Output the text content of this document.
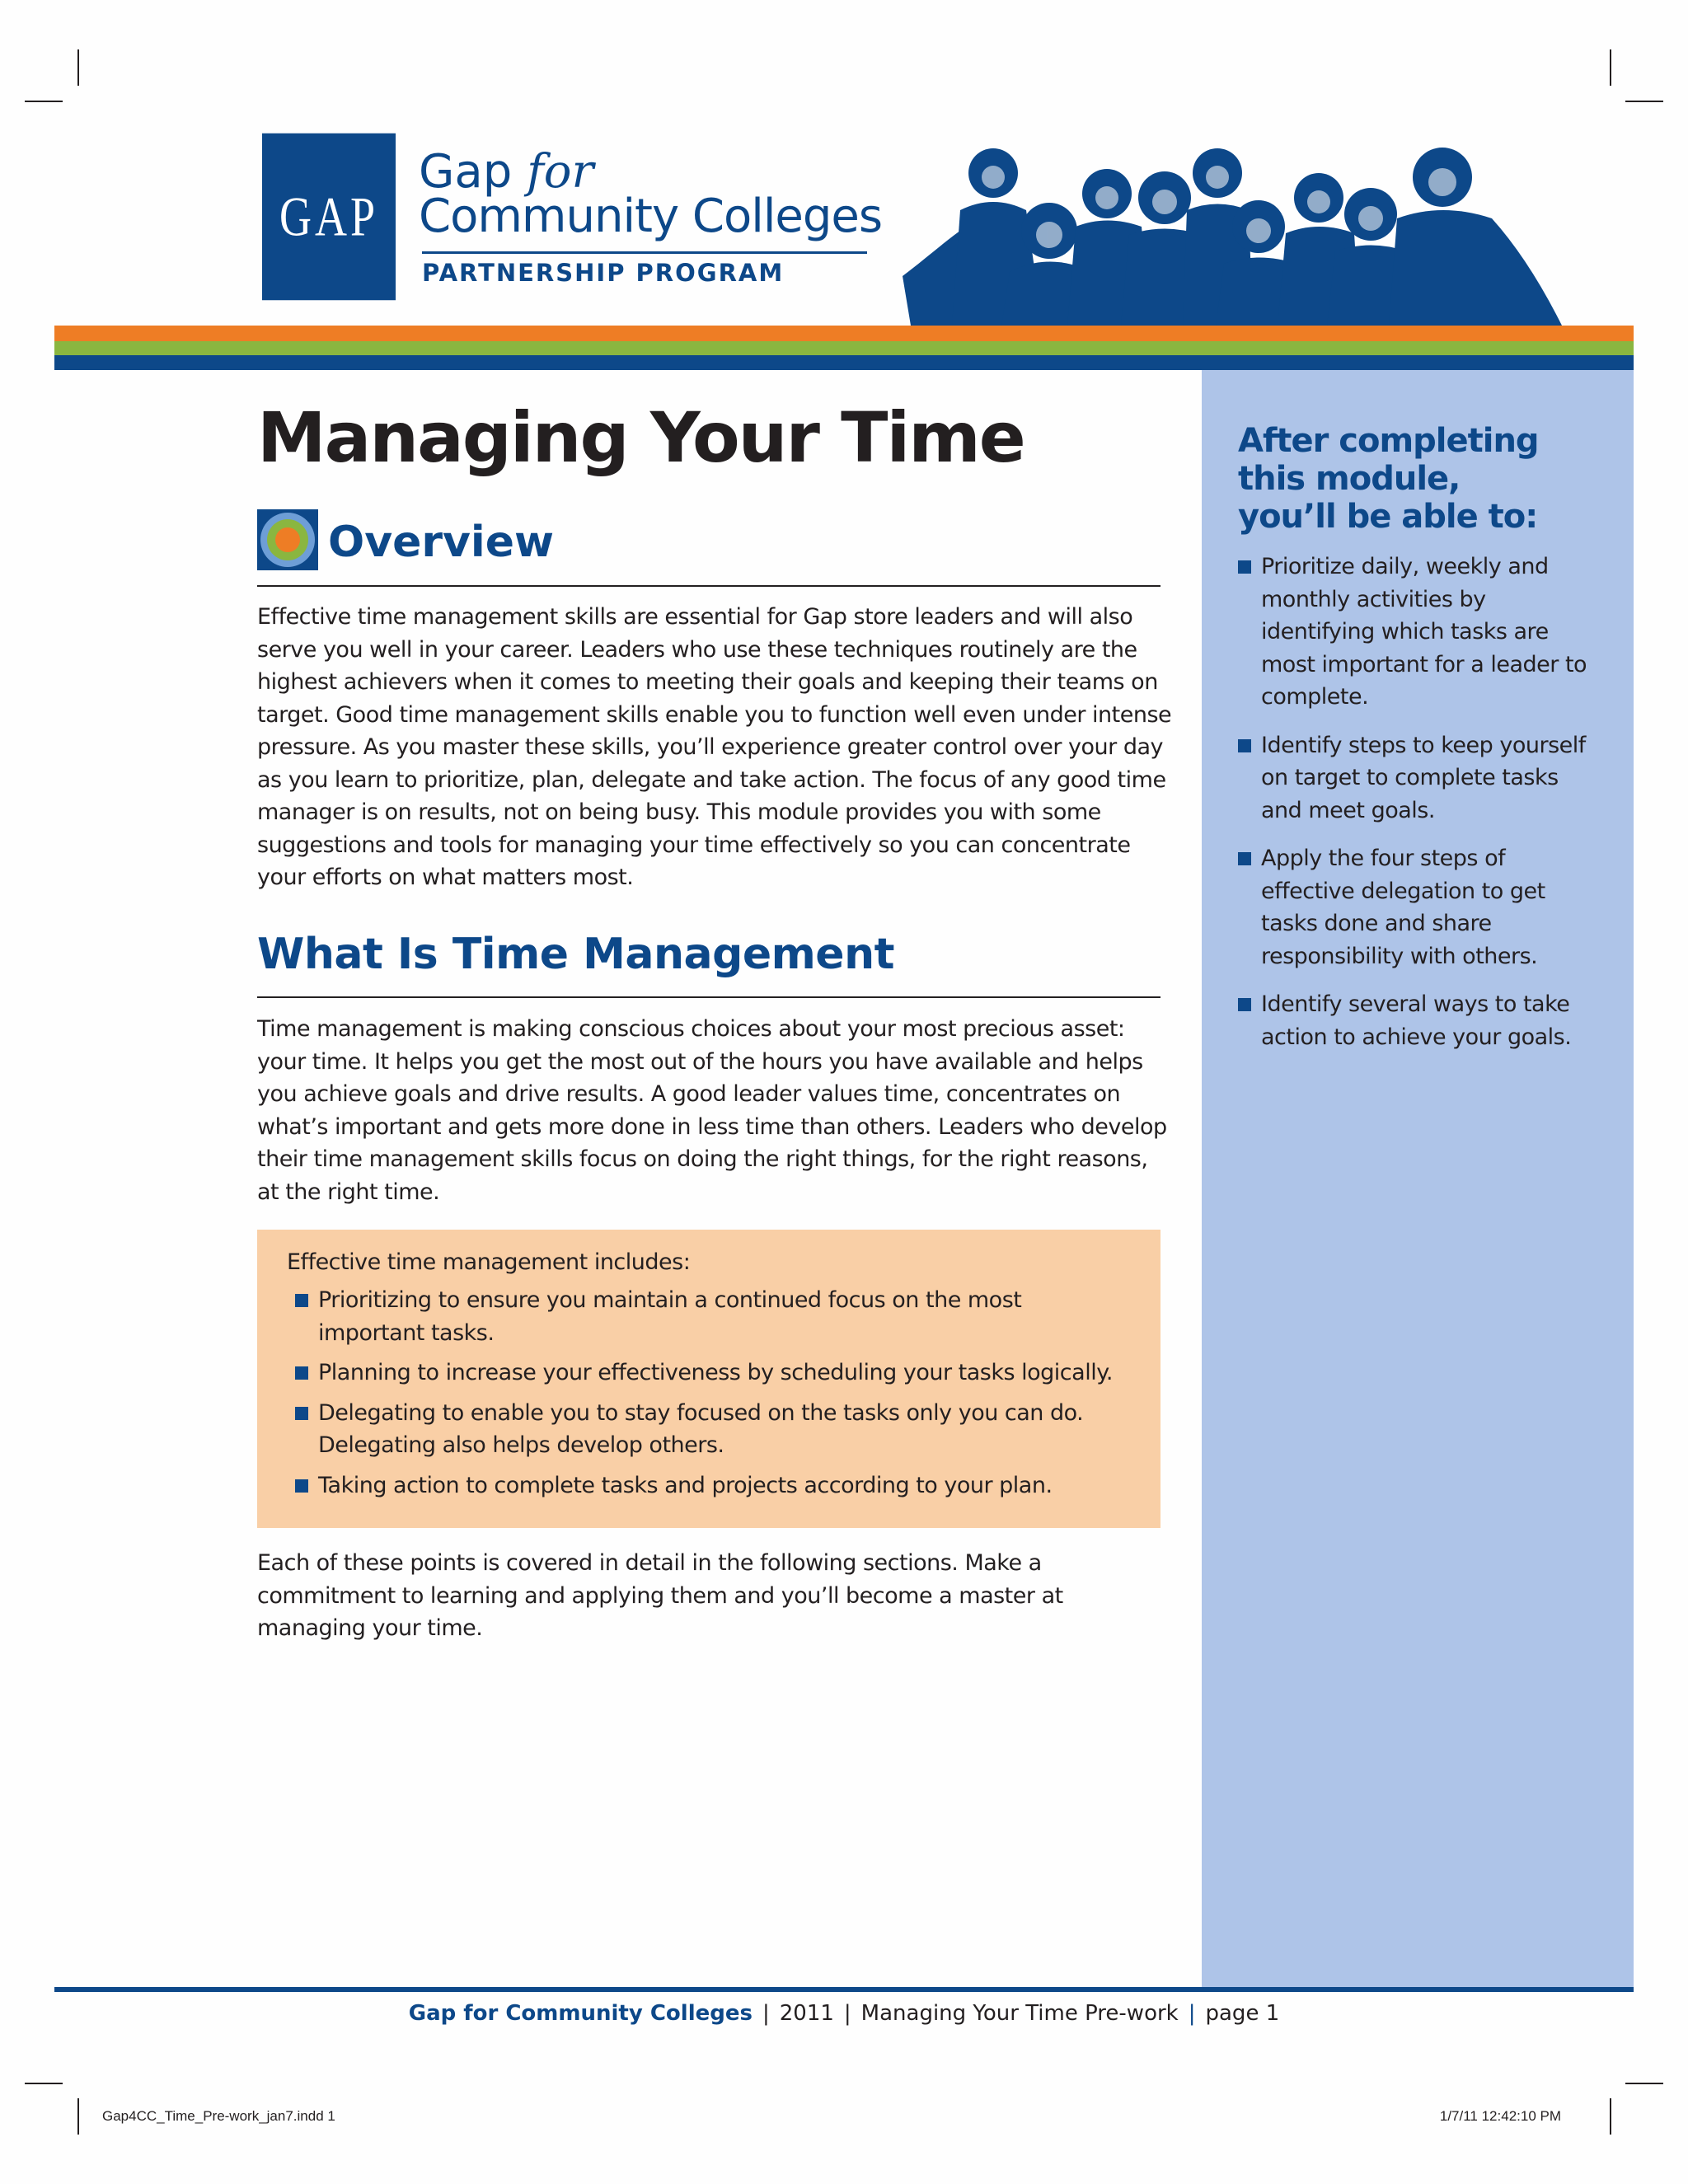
GAP
Gap for
Community Colleges
PARTNERSHIP PROGRAM
After completing this module, you’ll be able to:
Prioritize daily, weekly and monthly activities by identifying which tasks are most important for a leader to complete.
Identify steps to keep yourself on target to complete tasks and meet goals.
Apply the four steps of effective delegation to get tasks done and share responsibility with others.
Identify several ways to take action to achieve your goals.
Managing Your Time
Overview

Effective time management skills are essential for Gap store leaders and will also serve you well in your career. Leaders who use these techniques routinely are the highest achievers when it comes to meeting their goals and keeping their teams on target. Good time management skills enable you to function well even under intense pressure. As you master these skills, you’ll experience greater control over your day as you learn to prioritize, plan, delegate and take action. The focus of any good time manager is on results, not on being busy. This module provides you with some suggestions and tools for managing your time effectively so you can concentrate your efforts on what matters most.

What Is Time Management

Time management is making conscious choices about your most precious asset: your time. It helps you get the most out of the hours you have available and helps you achieve goals and drive results. A good leader values time, concentrates on what’s important and gets more done in less time than others. Leaders who develop their time management skills focus on doing the right things, for the right reasons, at the right time.

Effective time management includes:
Prioritizing to ensure you maintain a continued focus on the most important tasks.
Planning to increase your effectiveness by scheduling your tasks logically.
Delegating to enable you to stay focused on the tasks only you can do. Delegating also helps develop others.
Taking action to complete tasks and projects according to your plan.

Each of these points is covered in detail in the following sections. Make a commitment to learning and applying them and you’ll become a master at managing your time.

Gap for Community Colleges | 2011 | Managing Your Time Pre-work | page 1
Gap4CC_Time_Pre-work_jan7.indd 1	1/7/11 12:42:10 PM
